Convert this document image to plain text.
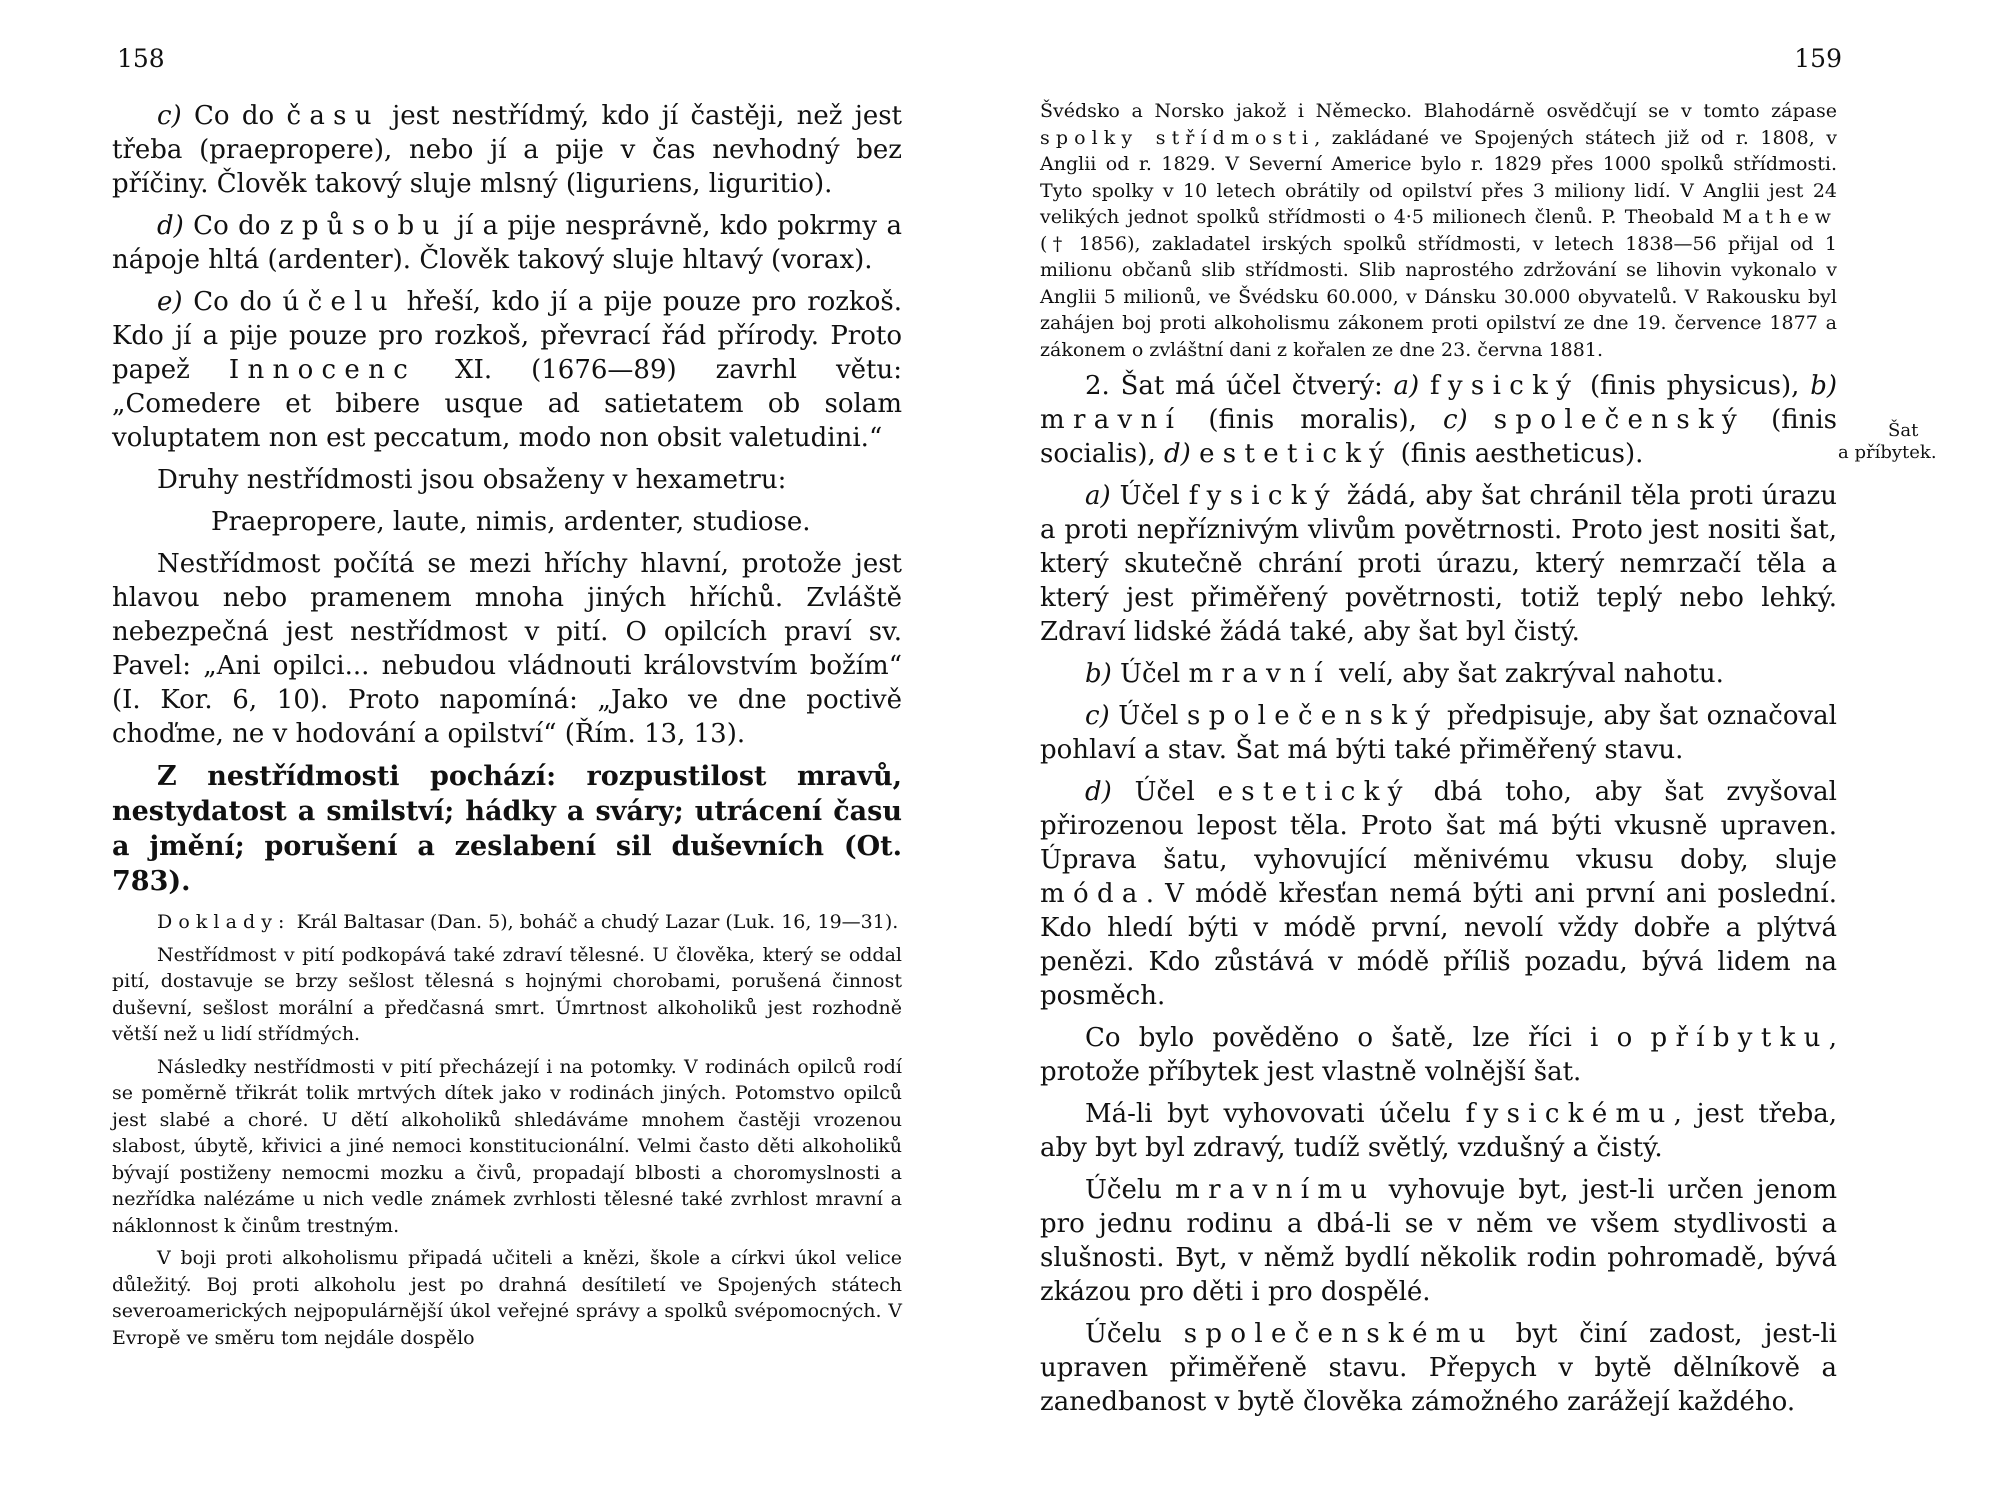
158

c) Co do času jest nestřídmý, kdo jí častěji, než jest třeba (praepropere), nebo jí a pije v čas nevhodný bez příčiny. Člověk takový sluje mlsný (liguriens, liguritio).

d) Co do způsobu jí a pije nesprávně, kdo pokrmy a nápoje hltá (ardenter). Člověk takový sluje hltavý (vorax).

e) Co do účelu hřeší, kdo jí a pije pouze pro rozkoš. Kdo jí a pije pouze pro rozkoš, převrací řád přírody. Proto papež Innocenc XI. (1676—89) zavrhl větu: „Comedere et bibere usque ad satietatem ob solam voluptatem non est peccatum, modo non obsit valetudini.“

Druhy nestřídmosti jsou obsaženy v hexametru:

Praepropere, laute, nimis, ardenter, studiose.

Nestřídmost počítá se mezi hříchy hlavní, protože jest hlavou nebo pramenem mnoha jiných hříchů. Zvláště nebezpečná jest nestřídmost v pití. O opilcích praví sv. Pavel: „Ani opilci... nebudou vládnouti královstvím božím“ (I. Kor. 6, 10). Proto napomíná: „Jako ve dne poctivě choďme, ne v hodování a opilství“ (Řím. 13, 13).

Z nestřídmosti pochází: rozpustilost mravů, nestydatost a smilství; hádky a sváry; utrácení času a jmění; porušení a zeslabení sil duševních (Ot. 783).

Doklady: Král Baltasar (Dan. 5), boháč a chudý Lazar (Luk. 16, 19—31).

Nestřídmost v pití podkopává také zdraví tělesné. U člověka, který se oddal pití, dostavuje se brzy sešlost tělesná s hojnými chorobami, porušená činnost duševní, sešlost morální a předčasná smrt. Úmrtnost alkoholiků jest rozhodně větší než u lidí střídmých.

Následky nestřídmosti v pití přecházejí i na potomky. V rodinách opilců rodí se poměrně třikrát tolik mrtvých dítek jako v rodinách jiných. Potomstvo opilců jest slabé a choré. U dětí alkoholiků shledáváme mnohem častěji vrozenou slabost, úbytě, křivici a jiné nemoci konstitucionální. Velmi často děti alkoholiků bývají postiženy nemocmi mozku a čivů, propadají blbosti a choromyslnosti a nezřídka nalézáme u nich vedle známek zvrhlosti tělesné také zvrhlost mravní a náklonnost k činům trestným.

V boji proti alkoholismu připadá učiteli a knězi, škole a církvi úkol velice důležitý. Boj proti alkoholu jest po drahná desítiletí ve Spojených státech severoamerických nejpopulárnější úkol veřejné správy a spolků svépomocných. V Evropě ve směru tom nejdále dospělo

159

Švédsko a Norsko jakož i Německo. Blahodárně osvědčují se v tomto zápase spolky střídmosti, zakládané ve Spojených státech již od r. 1808, v Anglii od r. 1829. V Severní Americe bylo r. 1829 přes 1000 spolků střídmosti. Tyto spolky v 10 letech obrátily od opilství přes 3 miliony lidí. V Anglii jest 24 velikých jednot spolků střídmosti o 4·5 milionech členů. P. Theobald Mathew († 1856), zakladatel irských spolků střídmosti, v letech 1838—56 přijal od 1 milionu občanů slib střídmosti. Slib naprostého zdržování se lihovin vykonalo v Anglii 5 milionů, ve Švédsku 60.000, v Dánsku 30.000 obyvatelů. V Rakousku byl zahájen boj proti alkoholismu zákonem proti opilství ze dne 19. července 1877 a zákonem o zvláštní dani z kořalen ze dne 23. června 1881.

2. Šat má účel čtverý: a) fysický (finis physicus), b) mravní (finis moralis), c) společenský (finis socialis), d) estetický (finis aestheticus).

a) Účel fysický žádá, aby šat chránil těla proti úrazu a proti nepříznivým vlivům povětrnosti. Proto jest nositi šat, který skutečně chrání proti úrazu, který nemrzačí těla a který jest přiměřený povětrnosti, totiž teplý nebo lehký. Zdraví lidské žádá také, aby šat byl čistý.

b) Účel mravní velí, aby šat zakrýval nahotu.

c) Účel společenský předpisuje, aby šat označoval pohlaví a stav. Šat má býti také přiměřený stavu.

d) Účel estetický dbá toho, aby šat zvyšoval přirozenou lepost těla. Proto šat má býti vkusně upraven. Úprava šatu, vyhovující měnivému vkusu doby, sluje móda. V módě křesťan nemá býti ani první ani poslední. Kdo hledí býti v módě první, nevolí vždy dobře a plýtvá penězi. Kdo zůstává v módě příliš pozadu, bývá lidem na posměch.

Co bylo pověděno o šatě, lze říci i o příbytku, protože příbytek jest vlastně volnější šat.

Má-li byt vyhovovati účelu fysickému, jest třeba, aby byt byl zdravý, tudíž světlý, vzdušný a čistý.

Účelu mravnímu vyhovuje byt, jest-li určen jenom pro jednu rodinu a dbá-li se v něm ve všem stydlivosti a slušnosti. Byt, v němž bydlí několik rodin pohromadě, bývá zkázou pro děti i pro dospělé.

Účelu společenskému byt činí zadost, jest-li upraven přiměřeně stavu. Přepych v bytě dělníkově a zanedbanost v bytě člověka zámožného zarážejí každého.

Šat
a příbytek.
